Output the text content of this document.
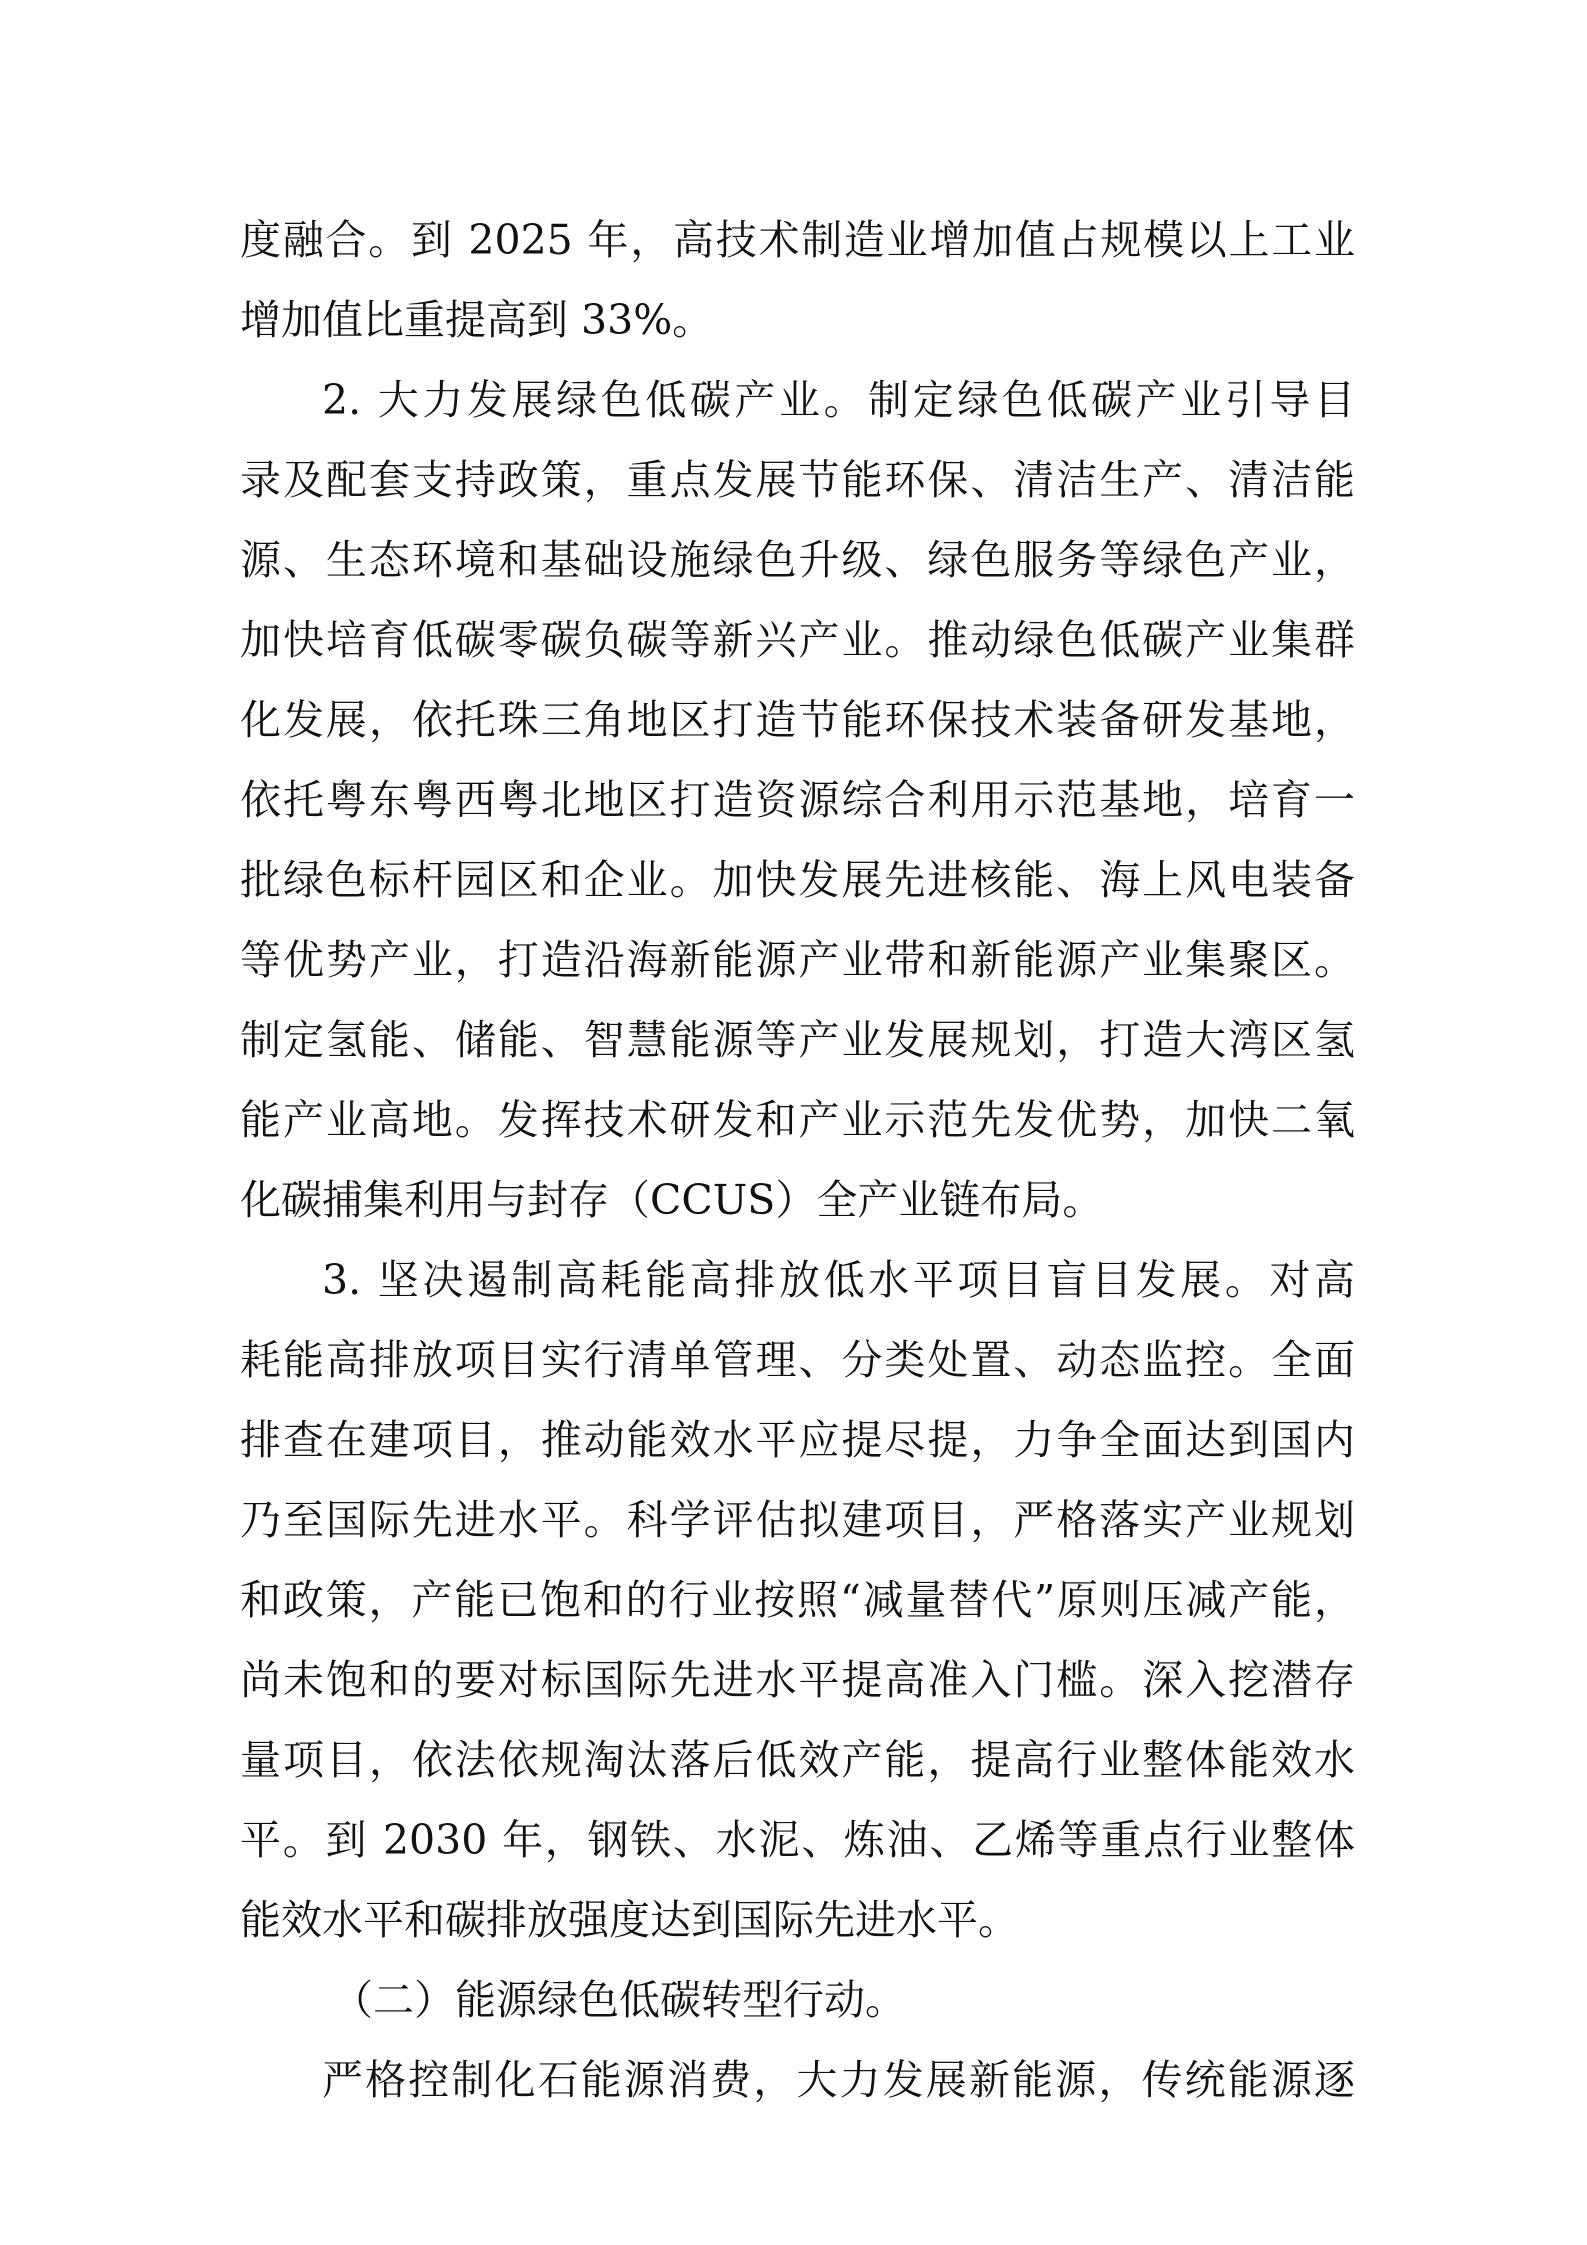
度融合。到 2025 年，高技术制造业增加值占规模以上工业
增加值比重提高到 33%。
2. 大力发展绿色低碳产业。制定绿色低碳产业引导目
录及配套支持政策，重点发展节能环保、清洁生产、清洁能
源、生态环境和基础设施绿色升级、绿色服务等绿色产业，
加快培育低碳零碳负碳等新兴产业。推动绿色低碳产业集群
化发展，依托珠三角地区打造节能环保技术装备研发基地，
依托粤东粤西粤北地区打造资源综合利用示范基地，培育一
批绿色标杆园区和企业。加快发展先进核能、海上风电装备
等优势产业，打造沿海新能源产业带和新能源产业集聚区。
制定氢能、储能、智慧能源等产业发展规划，打造大湾区氢
能产业高地。发挥技术研发和产业示范先发优势，加快二氧
化碳捕集利用与封存（CCUS）全产业链布局。
3. 坚决遏制高耗能高排放低水平项目盲目发展。对高
耗能高排放项目实行清单管理、分类处置、动态监控。全面
排查在建项目，推动能效水平应提尽提，力争全面达到国内
乃至国际先进水平。科学评估拟建项目，严格落实产业规划
和政策，产能已饱和的行业按照“减量替代”原则压减产能，
尚未饱和的要对标国际先进水平提高准入门槛。深入挖潜存
量项目，依法依规淘汰落后低效产能，提高行业整体能效水
平。到 2030 年，钢铁、水泥、炼油、乙烯等重点行业整体
能效水平和碳排放强度达到国际先进水平。
（二）能源绿色低碳转型行动。
严格控制化石能源消费，大力发展新能源，传统能源逐
